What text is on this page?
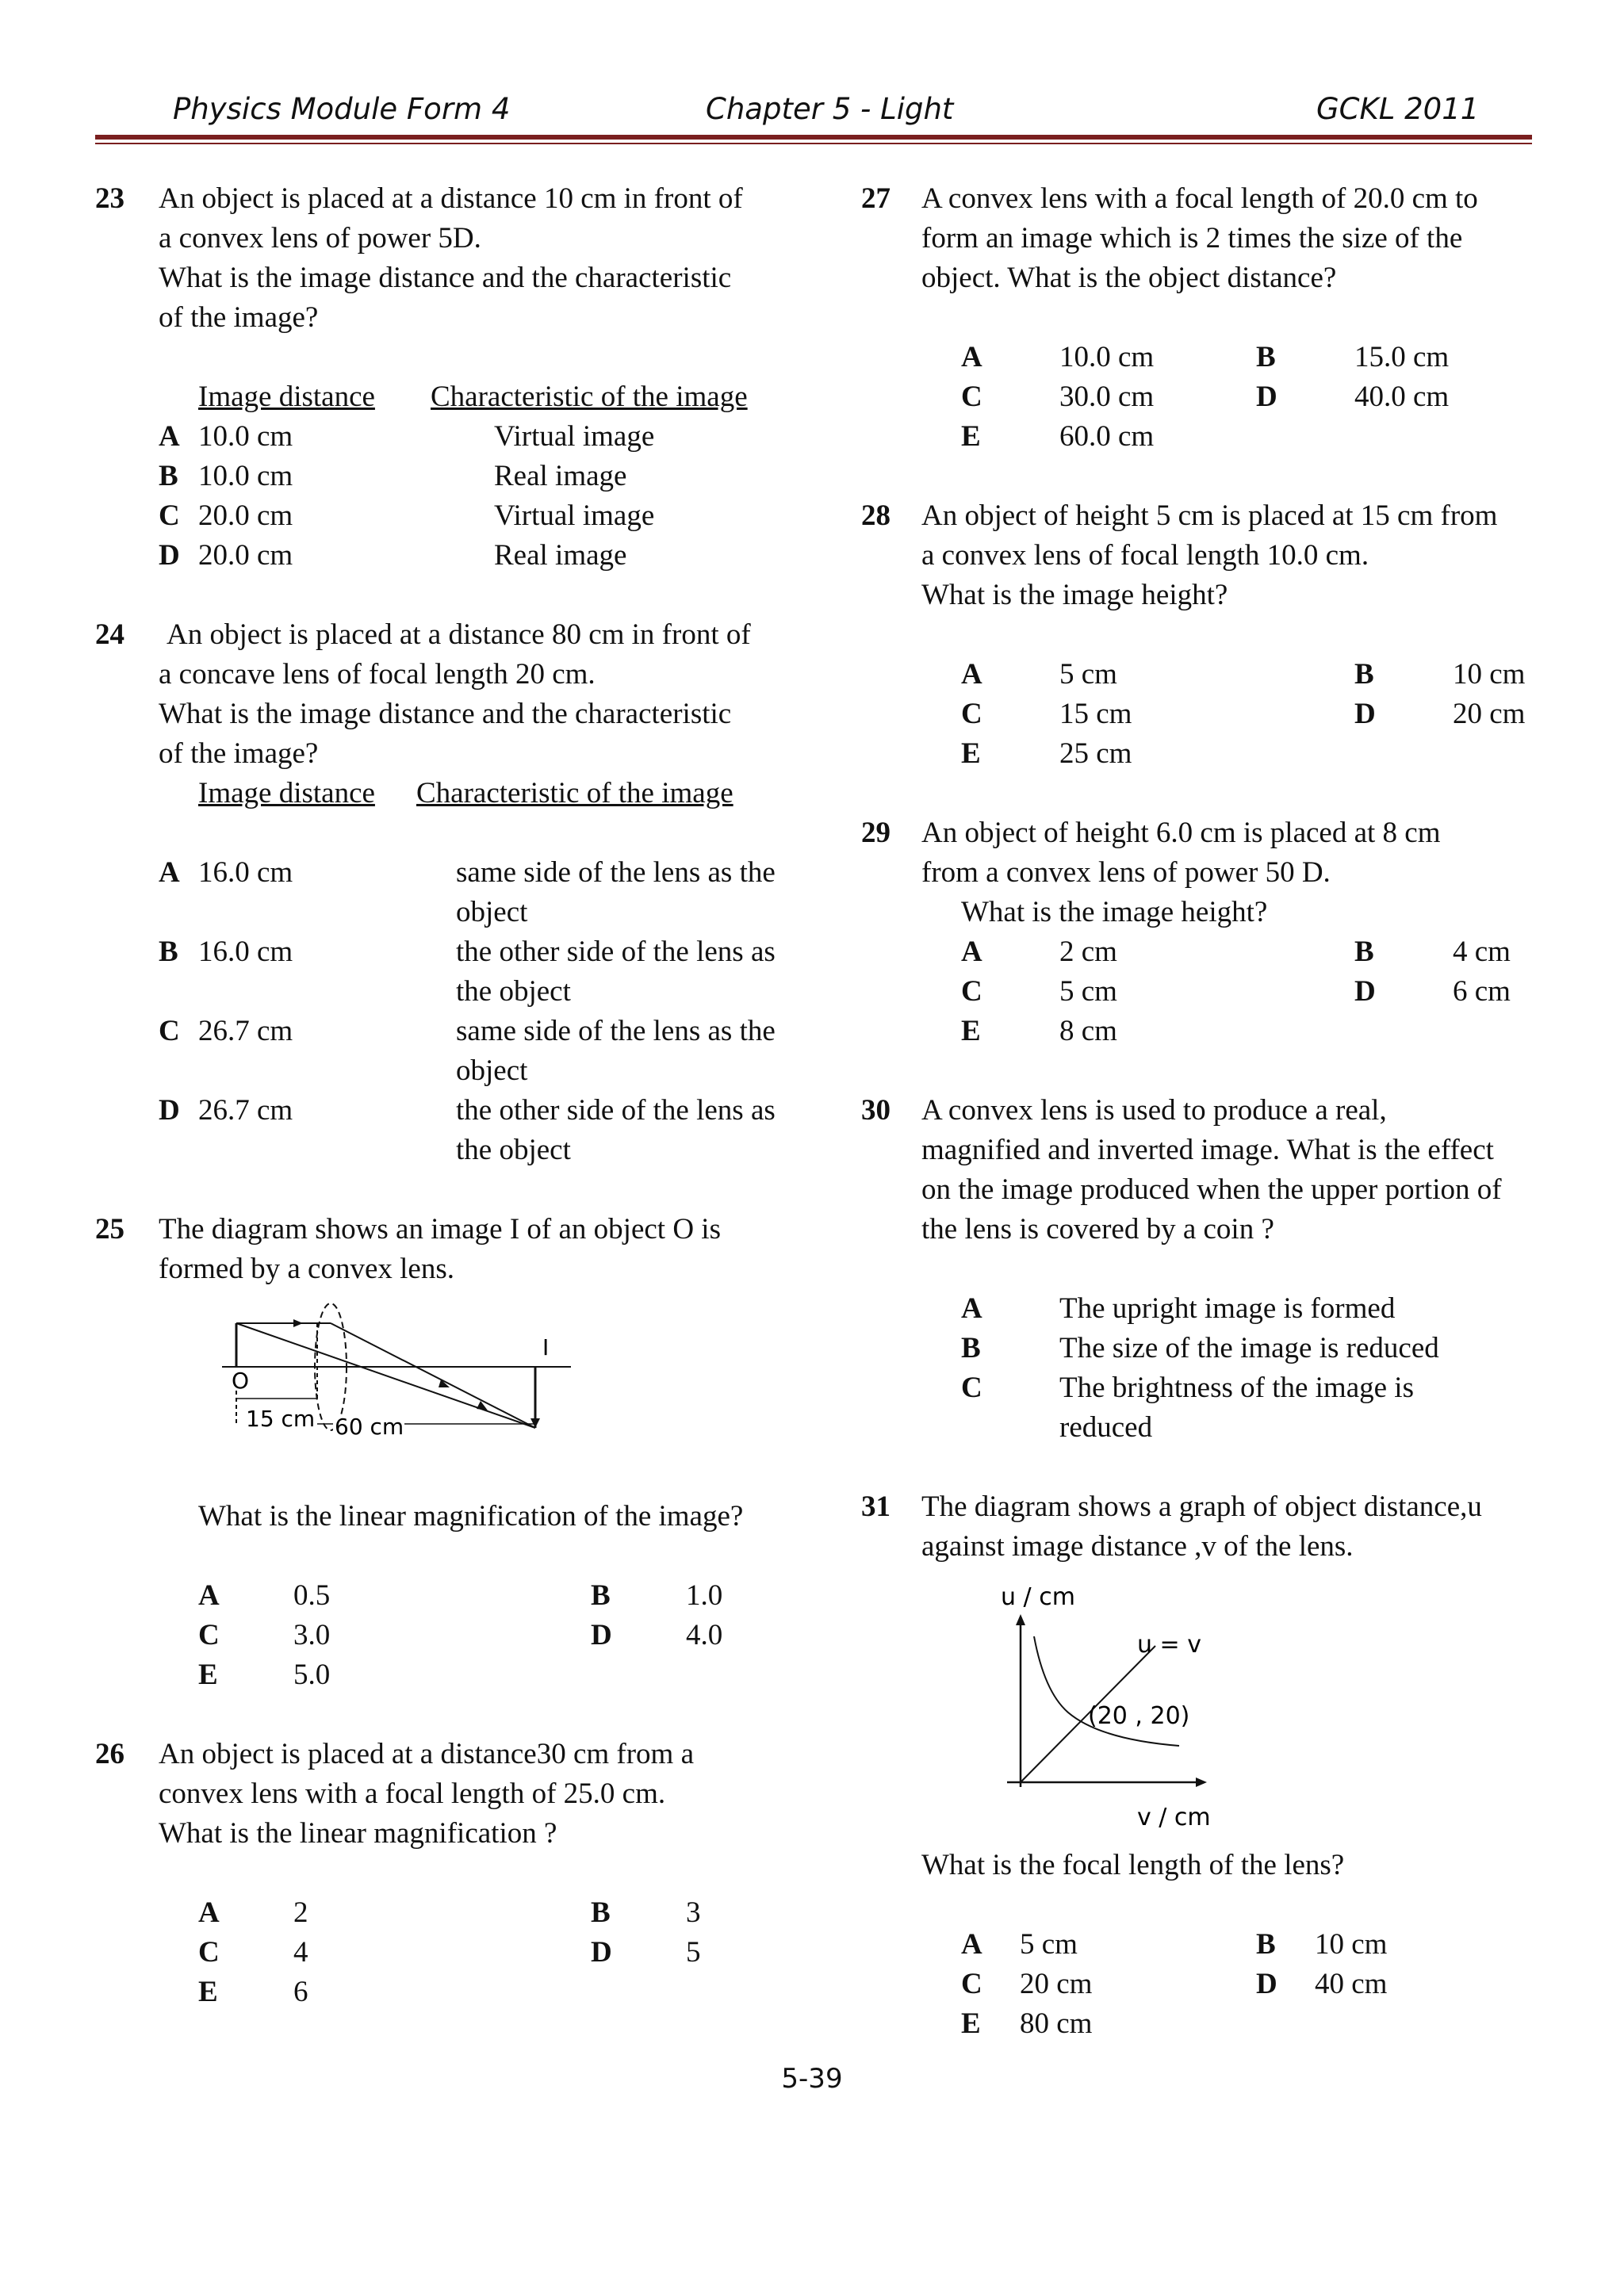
Physics Module Form 4	Chapter 5 - Light	GCKL 2011
23 An object is placed at a distance 10 cm in front of
a convex lens of power 5D.
What is the image distance and the characteristic
of the image?
Image distance	Characteristic of the image
A 10.0 cm	Virtual image
B 10.0 cm	Real image
C 20.0 cm	Virtual image
D 20.0 cm	Real image
24 An object is placed at a distance 80 cm in front of
a concave lens of focal length 20 cm.
What is the image distance and the characteristic
of the image?
Image distance	Characteristic of the image
A 16.0 cm	same side of the lens as the
object
B 16.0 cm	the other side of the lens as
the object
C 26.7 cm	same side of the lens as the
object
D 26.7 cm	the other side of the lens as
the object
25 The diagram shows an image I of an object O is
formed by a convex lens.
O
I
15 cm 60 cm
What is the linear magnification of the image?
A	0.5	B	1.0
C	3.0	D	4.0
E	5.0
26 An object is placed at a distance30 cm from a
convex lens with a focal length of 25.0 cm.
What is the linear magnification ?
A	2	B	3
C	4	D	5
E	6
27 A convex lens with a focal length of 20.0 cm to
form an image which is 2 times the size of the
object. What is the object distance?
A	10.0 cm	B	15.0 cm
C	30.0 cm	D	40.0 cm
E	60.0 cm
28 An object of height 5 cm is placed at 15 cm from
a convex lens of focal length 10.0 cm.
What is the image height?
A	5 cm	B	10 cm
C	15 cm	D	20 cm
E	25 cm
29 An object of height 6.0 cm is placed at 8 cm
from a convex lens of power 50 D.
What is the image height?
A	2 cm	B	4 cm
C	5 cm	D	6 cm
E	8 cm
30 A convex lens is used to produce a real,
magnified and inverted image. What is the effect
on the image produced when the upper portion of
the lens is covered by a coin ?
A	The upright image is formed
B	The size of the image is reduced
C	The brightness of the image is
reduced
31 The diagram shows a graph of object distance,u
against image distance ,v of the lens.
u / cm
v / cm
u = v
(20 , 20)
What is the focal length of the lens?
A	5 cm	B	10 cm
C	20 cm	D	40 cm
E	80 cm
5-39
